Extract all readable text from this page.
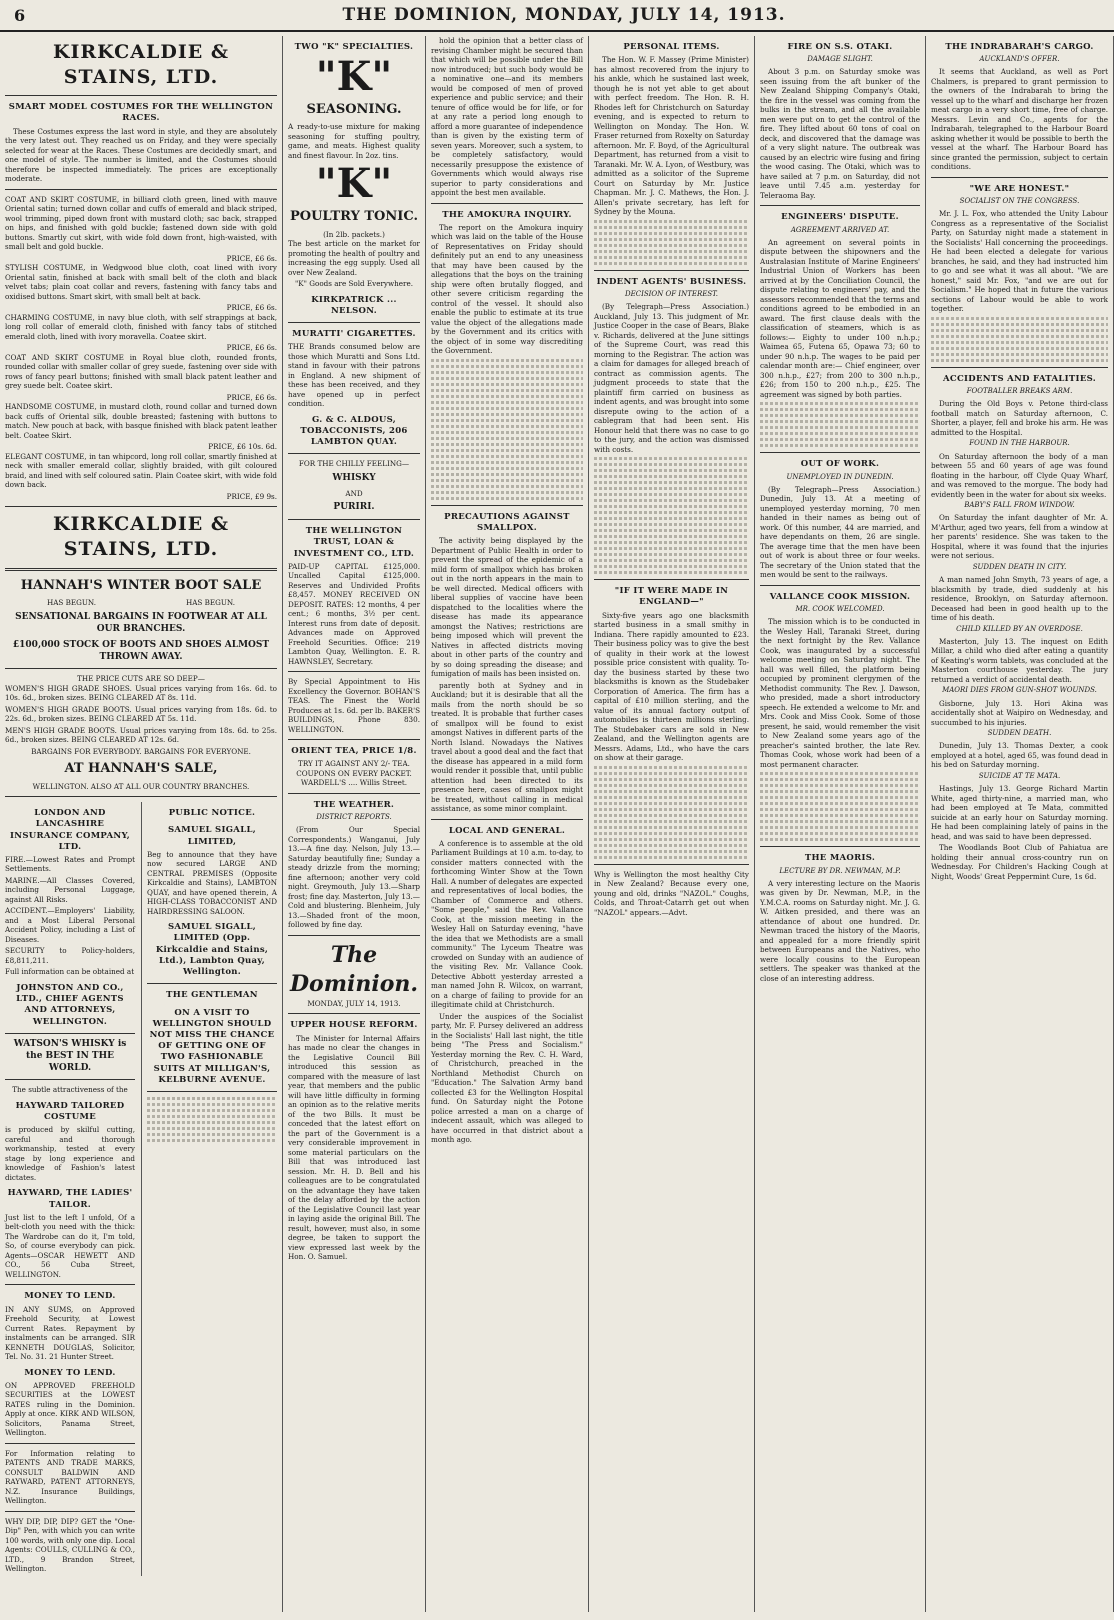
6	THE DOMINION, MONDAY, JULY 14, 1913.
KIRKCALDIE & STAINS, LTD.
SMART MODEL COSTUMES FOR THE WELLINGTON RACES.
These Costumes express the last word in style, and they are absolutely the very latest out. They reached us on Friday, and they were specially selected for wear at the Races. These Costumes are decidedly smart, and one model of style. The number is limited, and the Costumes should therefore be inspected immediately. The prices are exceptionally moderate.
COAT AND SKIRT COSTUME, in billiard cloth green, lined with mauve Oriental satin; turned down collar and cuffs of emerald and black striped, wool trimming, piped down front with mustard cloth; sac back, strapped on hips, and finished with gold buckle; fastened down side with gold buttons. Smartly cut skirt, with wide fold down front, high-waisted, with small belt and gold buckle.
PRICE, £6 6s.
STYLISH COSTUME, in Wedgwood blue cloth, coat lined with ivory Oriental satin, finished at back with small belt of the cloth and black velvet tabs; plain coat collar and revers, fastening with fancy tabs and oxidised buttons. Smart skirt, with small belt at back.
PRICE, £6 6s.
CHARMING COSTUME, in navy blue cloth, with self strappings at back, long roll collar of emerald cloth, finished with fancy tabs of stitched emerald cloth, lined with ivory moravella. Coatee skirt.
PRICE, £6 6s.
COAT AND SKIRT COSTUME in Royal blue cloth, rounded fronts, rounded collar with smaller collar of grey suede, fastening over side with rows of fancy pearl buttons; finished with small black patent leather and grey suede belt. Coatee skirt.
PRICE, £6 6s.
HANDSOME COSTUME, in mustard cloth, round collar and turned down back cuffs of Oriental silk, double breasted; fastening with buttons to match. New pouch at back, with basque finished with black patent leather belt. Coatee Skirt.
PRICE, £6 10s. 6d.
ELEGANT COSTUME, in tan whipcord, long roll collar, smartly finished at neck with smaller emerald collar, slightly braided, with gilt coloured braid, and lined with self coloured satin. Plain Coatee skirt, with wide fold down back.
PRICE, £9 9s.
KIRKCALDIE & STAINS, LTD.
HANNAH'S WINTER BOOT SALE
HAS BEGUN.	HAS BEGUN.
SENSATIONAL BARGAINS IN FOOTWEAR AT ALL OUR BRANCHES.
£100,000 STOCK OF BOOTS AND SHOES ALMOST THROWN AWAY.
THE PRICE CUTS ARE SO DEEP—
WOMEN'S HIGH GRADE SHOES. Usual prices varying from 16s. 6d. to 10s. 6d., broken sizes. BEING CLEARED AT 8s. 11d.
WOMEN'S HIGH GRADE BOOTS. Usual prices varying from 18s. 6d. to 22s. 6d., broken sizes. BEING CLEARED AT 5s. 11d.
MEN'S HIGH GRADE BOOTS. Usual prices varying from 18s. 6d. to 25s. 6d., broken sizes. BEING CLEARED AT 12s. 6d.
BARGAINS FOR EVERYBODY. BARGAINS FOR EVERYONE.
AT HANNAH'S SALE,
WELLINGTON. ALSO AT ALL OUR COUNTRY BRANCHES.
LONDON AND LANCASHIRE INSURANCE COMPANY, LTD.
FIRE.—Lowest Rates and Prompt Settlements.
MARINE.—All Classes Covered, including Personal Luggage, against All Risks.
ACCIDENT.—Employers' Liability, and a Most Liberal Personal Accident Policy, including a List of Diseases.
SECURITY to Policy-holders, £8,811,211.
Full information can be obtained at
JOHNSTON AND CO., LTD., CHIEF AGENTS AND ATTORNEYS, WELLINGTON.
WATSON'S WHISKY is the BEST IN THE WORLD.
The subtle attractiveness of the
HAYWARD TAILORED COSTUME
is produced by skilful cutting, careful and thorough workmanship, tested at every stage by long experience and knowledge of Fashion's latest dictates.
HAYWARD, THE LADIES' TAILOR.
Just list to the left I unfold, Of a belt-cloth you need with the thick: The Wardrobe can do it, I'm told, So, of course everybody can pick. Agents—OSCAR HEWETT AND CO., 56 Cuba Street, WELLINGTON.
MONEY TO LEND.
IN ANY SUMS, on Approved Freehold Security, at Lowest Current Rates. Repayment by instalments can be arranged. SIR KENNETH DOUGLAS, Solicitor, Tel. No. 31. 21 Hunter Street.
MONEY TO LEND.
ON APPROVED FREEHOLD SECURITIES at the LOWEST RATES ruling in the Dominion. Apply at once. KIRK AND WILSON, Solicitors, Panama Street, Wellington.
For Information relating to PATENTS AND TRADE MARKS, CONSULT BALDWIN AND RAYWARD, PATENT ATTORNEYS, N.Z. Insurance Buildings, Wellington.
WHY DIP, DIP, DIP? GET the "One-Dip" Pen, with which you can write 100 words, with only one dip. Local Agents: COULLS, CULLING & CO., LTD., 9 Brandon Street, Wellington.
PUBLIC NOTICE.
SAMUEL SIGALL, LIMITED,
Beg to announce that they have now secured LARGE AND CENTRAL PREMISES (Opposite Kirkcaldie and Stains), LAMBTON QUAY, and have opened therein, A HIGH-CLASS TOBACCONIST AND HAIRDRESSING SALOON.
SAMUEL SIGALL, LIMITED (Opp. Kirkcaldie and Stains, Ltd.), Lambton Quay, Wellington.
THE GENTLEMAN
ON A VISIT TO WELLINGTON SHOULD NOT MISS THE CHANCE OF GETTING ONE OF TWO FASHIONABLE SUITS AT MILLIGAN'S, KELBURNE AVENUE.
TWO "K" SPECIALTIES.
"K"
SEASONING.
A ready-to-use mixture for making seasoning for stuffing poultry, game, and meats. Highest quality and finest flavour. In 2oz. tins.
"K"
POULTRY TONIC.
(In 2lb. packets.)
The best article on the market for promoting the health of poultry and increasing the egg supply. Used all over New Zealand.
"K" Goods are Sold Everywhere.
KIRKPATRICK ... NELSON.
MURATTI' CIGARETTES.
THE Brands consumed below are those which Muratti and Sons Ltd. stand in favour with their patrons in England. A new shipment of these has been received, and they have opened up in perfect condition.
G. & C. ALDOUS, TOBACCONISTS, 206 LAMBTON QUAY.
FOR THE CHILLY FEELING—
WHISKY
AND
PURIRI.
THE WELLINGTON TRUST, LOAN & INVESTMENT CO., LTD.
PAID-UP CAPITAL £125,000. Uncalled Capital £125,000. Reserves and Undivided Profits £8,457. MONEY RECEIVED ON DEPOSIT. RATES: 12 months, 4 per cent.; 6 months, 3½ per cent. Interest runs from date of deposit. Advances made on Approved Freehold Securities. Office: 219 Lambton Quay, Wellington. E. R. HAWNSLEY, Secretary.
By Special Appointment to His Excellency the Governor. BOHAN'S TEAS. The Finest the World Produces at 1s. 6d. per lb. BAKER'S BUILDINGS, Phone 830. WELLINGTON.
ORIENT TEA, PRICE 1/8.
TRY IT AGAINST ANY 2/- TEA. COUPONS ON EVERY PACKET.
WARDELL'S .... Willis Street.
THE WEATHER.
DISTRICT REPORTS.
(From Our Special Correspondents.) Wanganui, July 13.—A fine day. Nelson, July 13.—Saturday beautifully fine; Sunday a steady drizzle from the morning; fine afternoon; another very cold night. Greymouth, July 13.—Sharp frost; fine day. Masterton, July 13.—Cold and blustering. Blenheim, July 13.—Shaded front of the moon, followed by fine day.
The Dominion.
MONDAY, JULY 14, 1913.
UPPER HOUSE REFORM.
The Minister for Internal Affairs has made no clear the changes in the Legislative Council Bill introduced this session as compared with the measure of last year, that members and the public will have little difficulty in forming an opinion as to the relative merits of the two Bills. It must be conceded that the latest effort on the part of the Government is a very considerable improvement in some material particulars on the Bill that was introduced last session. Mr. H. D. Bell and his colleagues are to be congratulated on the advantage they have taken of the delay afforded by the action of the Legislative Council last year in laying aside the original Bill. The result, however, must also, in some degree, be taken to support the view expressed last week by the Hon. O. Samuel.
hold the opinion that a better class of revising Chamber might be secured than that which will be possible under the Bill now introduced; but such body would be a nominative one—and its members would be composed of men of proved experience and public service; and their tenure of office would be for life, or for at any rate a period long enough to afford a more guarantee of independence than is given by the existing term of seven years. Moreover, such a system, to be completely satisfactory, would necessarily presuppose the existence of Governments which would always rise superior to party considerations and appoint the best men available.
THE AMOKURA INQUIRY.
The report on the Amokura inquiry which was laid on the table of the House of Representatives on Friday should definitely put an end to any uneasiness that may have been caused by the allegations that the boys on the training ship were often brutally flogged, and other severe criticism regarding the control of the vessel. It should also enable the public to estimate at its true value the object of the allegations made by the Government and its critics with the object of in some way discrediting the Government.
PRECAUTIONS AGAINST SMALLPOX.
The activity being displayed by the Department of Public Health in order to prevent the spread of the epidemic of a mild form of smallpox which has broken out in the north appears in the main to be well directed. Medical officers with liberal supplies of vaccine have been dispatched to the localities where the disease has made its appearance amongst the Natives; restrictions are being imposed which will prevent the Natives in affected districts moving about in other parts of the country and by so doing spreading the disease; and fumigation of mails has been insisted on.
parently both at Sydney and in Auckland; but it is desirable that all the mails from the north should be so treated. It is probable that further cases of smallpox will be found to exist amongst Natives in different parts of the North Island. Nowadays the Natives travel about a good deal and the fact that the disease has appeared in a mild form would render it possible that, until public attention had been directed to its presence here, cases of smallpox might be treated, without calling in medical assistance, as some minor complaint.
LOCAL AND GENERAL.
A conference is to assemble at the old Parliament Buildings at 10 a.m. to-day, to consider matters connected with the forthcoming Winter Show at the Town Hall. A number of delegates are expected and representatives of local bodies, the Chamber of Commerce and others. "Some people," said the Rev. Vallance Cook, at the mission meeting in the Wesley Hall on Saturday evening, "have the idea that we Methodists are a small community." The Lyceum Theatre was crowded on Sunday with an audience of the visiting Rev. Mr. Vallance Cook. Detective Abbott yesterday arrested a man named John R. Wilcox, on warrant, on a charge of failing to provide for an illegitimate child at Christchurch.
Under the auspices of the Socialist party, Mr. F. Pursey delivered an address in the Socialists' Hall last night, the title being "The Press and Socialism." Yesterday morning the Rev. C. H. Ward, of Christchurch, preached in the Northland Methodist Church on "Education." The Salvation Army band collected £3 for the Wellington Hospital fund. On Saturday night the Potone police arrested a man on a charge of indecent assault, which was alleged to have occurred in that district about a month ago.
PERSONAL ITEMS.
The Hon. W. F. Massey (Prime Minister) has almost recovered from the injury to his ankle, which he sustained last week, though he is not yet able to get about with perfect freedom. The Hon. R. H. Rhodes left for Christchurch on Saturday evening, and is expected to return to Wellington on Monday. The Hon. W. Fraser returned from Roxelty on Saturday afternoon. Mr. F. Boyd, of the Agricultural Department, has returned from a visit to Taranaki. Mr. W. A. Lyon, of Westbury, was admitted as a solicitor of the Supreme Court on Saturday by Mr. Justice Chapman. Mr. J. C. Mathews, the Hon. J. Allen's private secretary, has left for Sydney by the Mouna.
INDENT AGENTS' BUSINESS.
DECISION OF INTEREST.
(By Telegraph—Press Association.) Auckland, July 13. This judgment of Mr. Justice Cooper in the case of Bears, Blake v. Richards, delivered at the June sittings of the Supreme Court, was read this morning to the Registrar. The action was a claim for damages for alleged breach of contract as commission agents. The judgment proceeds to state that the plaintiff firm carried on business as indent agents, and was brought into some disrepute owing to the action of a cablegram that had been sent. His Honour held that there was no case to go to the jury, and the action was dismissed with costs.
"IF IT WERE MADE IN ENGLAND—"
Sixty-five years ago one blacksmith started business in a small smithy in Indiana. There rapidly amounted to £23. Their business policy was to give the best of quality in their work at the lowest possible price consistent with quality. To-day the business started by these two blacksmiths is known as the Studebaker Corporation of America. The firm has a capital of £10 million sterling, and the value of its annual factory output of automobiles is thirteen millions sterling. The Studebaker cars are sold in New Zealand, and the Wellington agents are Messrs. Adams, Ltd., who have the cars on show at their garage.
Why is Wellington the most healthy City in New Zealand? Because every one, young and old, drinks "NAZOL." Coughs, Colds, and Throat-Catarrh get out when "NAZOL" appears.—Advt.
FIRE ON S.S. OTAKI.
DAMAGE SLIGHT.
About 3 p.m. on Saturday smoke was seen issuing from the aft bunker of the New Zealand Shipping Company's Otaki, the fire in the vessel was coming from the bulks in the stream, and all the available men were put on to get the control of the fire. They lifted about 60 tons of coal on deck, and discovered that the damage was of a very slight nature. The outbreak was caused by an electric wire fusing and firing the wood casing. The Otaki, which was to have sailed at 7 p.m. on Saturday, did not leave until 7.45 a.m. yesterday for Teleraoma Bay.
ENGINEERS' DISPUTE.
AGREEMENT ARRIVED AT.
An agreement on several points in dispute between the shipowners and the Australasian Institute of Marine Engineers' Industrial Union of Workers has been arrived at by the Conciliation Council, the dispute relating to engineers' pay, and the assessors recommended that the terms and conditions agreed to be embodied in an award. The first clause deals with the classification of steamers, which is as follows:— Eighty to under 100 n.h.p.; Waimea 65, Futena 65, Opawa 73; 60 to under 90 n.h.p. The wages to be paid per calendar month are:— Chief engineer, over 300 n.h.p., £27; from 200 to 300 n.h.p., £26; from 150 to 200 n.h.p., £25. The agreement was signed by both parties.
OUT OF WORK.
UNEMPLOYED IN DUNEDIN.
(By Telegraph—Press Association.) Dunedin, July 13. At a meeting of unemployed yesterday morning, 70 men handed in their names as being out of work. Of this number, 44 are married, and have dependants on them, 26 are single. The average time that the men have been out of work is about three or four weeks. The secretary of the Union stated that the men would be sent to the railways.
VALLANCE COOK MISSION.
MR. COOK WELCOMED.
The mission which is to be conducted in the Wesley Hall, Taranaki Street, during the next fortnight by the Rev. Vallance Cook, was inaugurated by a successful welcome meeting on Saturday night. The hall was well filled, the platform being occupied by prominent clergymen of the Methodist community. The Rev. J. Dawson, who presided, made a short introductory speech. He extended a welcome to Mr. and Mrs. Cook and Miss Cook. Some of those present, he said, would remember the visit to New Zealand some years ago of the preacher's sainted brother, the late Rev. Thomas Cook, whose work had been of a most permanent character.
THE MAORIS.
LECTURE BY DR. NEWMAN, M.P.
A very interesting lecture on the Maoris was given by Dr. Newman, M.P., in the Y.M.C.A. rooms on Saturday night. Mr. J. G. W. Aitken presided, and there was an attendance of about one hundred. Dr. Newman traced the history of the Maoris, and appealed for a more friendly spirit between Europeans and the Natives, who were locally cousins to the European settlers. The speaker was thanked at the close of an interesting address.
THE INDRABARAH'S CARGO.
AUCKLAND'S OFFER.
It seems that Auckland, as well as Port Chalmers, is prepared to grant permission to the owners of the Indrabarah to bring the vessel up to the wharf and discharge her frozen meat cargo in a very short time, free of charge. Messrs. Levin and Co., agents for the Indrabarah, telegraphed to the Harbour Board asking whether it would be possible to berth the vessel at the wharf. The Harbour Board has since granted the permission, subject to certain conditions.
"WE ARE HONEST."
SOCIALIST ON THE CONGRESS.
Mr. J. L. Fox, who attended the Unity Labour Congress as a representative of the Socialist Party, on Saturday night made a statement in the Socialists' Hall concerning the proceedings. He had been elected a delegate for various branches, he said, and they had instructed him to go and see what it was all about. "We are honest," said Mr. Fox, "and we are out for Socialism." He hoped that in future the various sections of Labour would be able to work together.
ACCIDENTS AND FATALITIES.
FOOTBALLER BREAKS ARM.
During the Old Boys v. Petone third-class football match on Saturday afternoon, C. Shorter, a player, fell and broke his arm. He was admitted to the Hospital.
FOUND IN THE HARBOUR.
On Saturday afternoon the body of a man between 55 and 60 years of age was found floating in the harbour, off Clyde Quay Wharf, and was removed to the morgue. The body had evidently been in the water for about six weeks.
BABY'S FALL FROM WINDOW.
On Saturday the infant daughter of Mr. A. M'Arthur, aged two years, fell from a window at her parents' residence. She was taken to the Hospital, where it was found that the injuries were not serious.
SUDDEN DEATH IN CITY.
A man named John Smyth, 73 years of age, a blacksmith by trade, died suddenly at his residence, Brooklyn, on Saturday afternoon. Deceased had been in good health up to the time of his death.
CHILD KILLED BY AN OVERDOSE.
Masterton, July 13. The inquest on Edith Millar, a child who died after eating a quantity of Keating's worm tablets, was concluded at the Masterton courthouse yesterday. The jury returned a verdict of accidental death.
MAORI DIES FROM GUN-SHOT WOUNDS.
Gisborne, July 13. Hori Akina was accidentally shot at Waipiro on Wednesday, and succumbed to his injuries.
SUDDEN DEATH.
Dunedin, July 13. Thomas Dexter, a cook employed at a hotel, aged 65, was found dead in his bed on Saturday morning.
SUICIDE AT TE MATA.
Hastings, July 13. George Richard Martin White, aged thirty-nine, a married man, who had been employed at Te Mata, committed suicide at an early hour on Saturday morning. He had been complaining lately of pains in the head, and was said to have been depressed.
The Woodlands Boot Club of Pahiatua are holding their annual cross-country run on Wednesday. For Children's Hacking Cough at Night, Woods' Great Peppermint Cure, 1s 6d.
